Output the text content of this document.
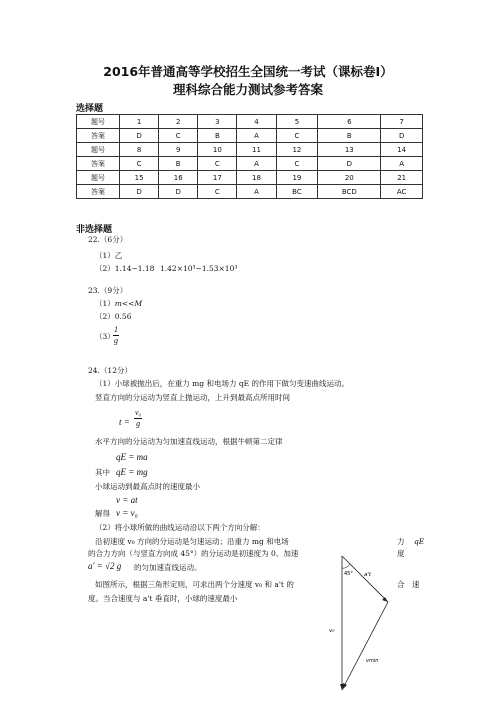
2016年普通高等学校招生全国统一考试（课标卷I）
理科综合能力测试参考答案
选择题
题号	1	2	3	4	5	6	7
答案	D	C	B	A	C	B	D
题号	8	9	10	11	12	13	14
答案	C	B	C	A	C	D	A
题号	15	16	17	18	19	20	21
答案	D	D	C	A	BC	BCD	AC
非选择题
22.（6分）
（1）乙
（2）1.14~1.18 1.42×10³~1.53×10³
23.（9分）
（1）m<<M
（2）0.56
（3）
$\frac{1}{g}$
24.（12分）
（1）小球被抛出后，在重力 mg 和电场力 qE 的作用下做匀变速曲线运动。
竖直方向的分运动为竖直上抛运动，上升到最高点所用时间
$t = \frac{\text{v₀}}{g}$
水平方向的分运动为匀加速直线运动，根据牛顿第二定律
qE = ma
其中 qE = mg
小球运动到最高点时的速度最小
v = at
解得 v = v₀
（2）将小球所做的曲线运动沿以下两个方向分解：
沿初速度 v₀ 方向的分运动是匀速运动；沿重力 mg 和电场	力 qE
的合力方向（与竖直方向成 45°）的分运动是初速度为 0、加速	度
a' = √2 g 的匀加速直线运动。
如图所示，根据三角形定则，可求出两个分速度 v₀ 和 a't 的	合　速
度。当合速度与 a't 垂直时，小球的速度最小
45° a't
v₀
vmin
